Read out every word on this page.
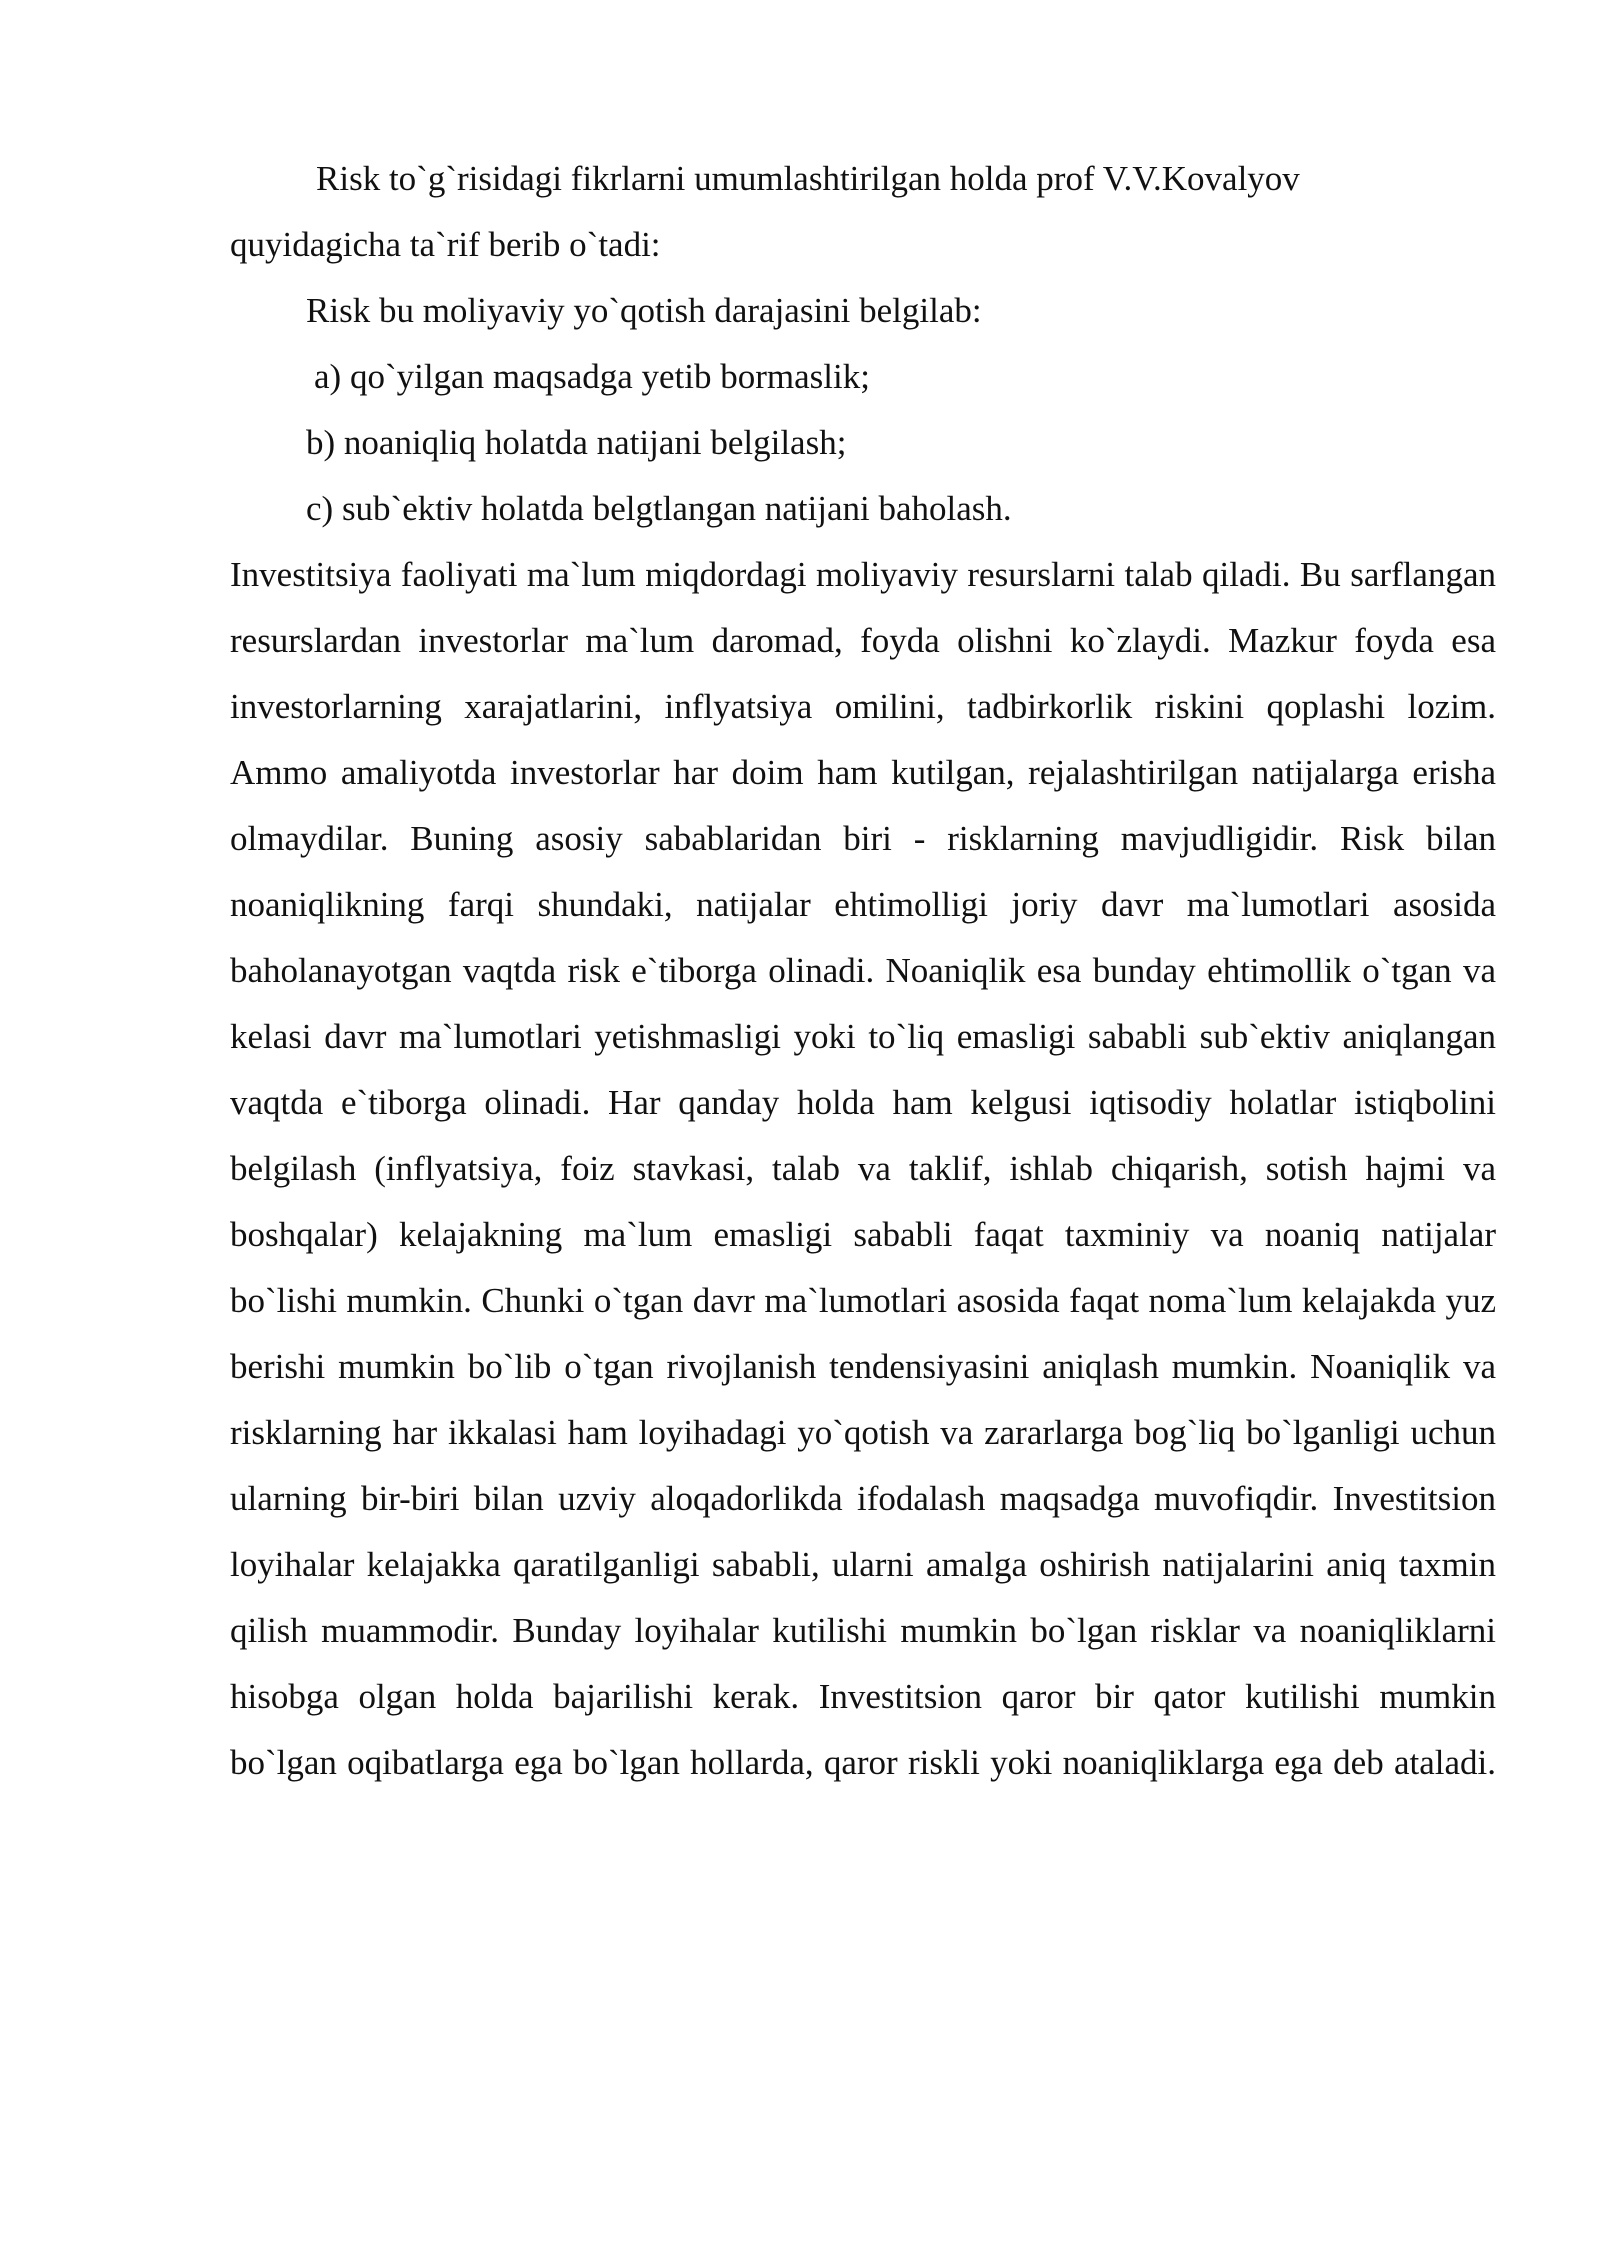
Risk to`g`risidagi fikrlarni umumlashtirilgan holda prof V.V.Kovalyov
quyidagicha ta`rif berib o`tadi:

Risk bu moliyaviy yo`qotish darajasini belgilab:

a) qo`yilgan maqsadga yetib bormaslik;

b) noaniqliq holatda natijani belgilash;

c) sub`ektiv holatda belgtlangan natijani baholash.

Investitsiya faoliyati ma`lum miqdordagi moliyaviy resurslarni talab qiladi. Bu sarflangan resurslardan investorlar ma`lum daromad, foyda olishni ko`zlaydi. Mazkur foyda esa investorlarning xarajatlarini, inflyatsiya omilini, tadbirkorlik riskini qoplashi lozim. Ammo amaliyotda investorlar har doim ham kutilgan, rejalashtirilgan natijalarga erisha olmaydilar. Buning asosiy sabablaridan biri - risklarning mavjudligidir. Risk bilan noaniqlikning farqi shundaki, natijalar ehtimolligi joriy davr ma`lumotlari asosida baholanayotgan vaqtda risk e`tiborga olinadi. Noaniqlik esa bunday ehtimollik o`tgan va kelasi davr ma`lumotlari yetishmasligi yoki to`liq emasligi sababli sub`ektiv aniqlangan vaqtda e`tiborga olinadi. Har qanday holda ham kelgusi iqtisodiy holatlar istiqbolini belgilash (inflyatsiya, foiz stavkasi, talab va taklif, ishlab chiqarish, sotish hajmi va boshqalar) kelajakning ma`lum emasligi sababli faqat taxminiy va noaniq natijalar bo`lishi mumkin. Chunki o`tgan davr ma`lumotlari asosida faqat noma`lum kelajakda yuz berishi mumkin bo`lib o`tgan rivojlanish tendensiyasini aniqlash mumkin. Noaniqlik va risklarning har ikkalasi ham loyihadagi yo`qotish va zararlarga bog`liq bo`lganligi uchun ularning bir-biri bilan uzviy aloqadorlikda ifodalash maqsadga muvofiqdir. Investitsion loyihalar kelajakka qaratilganligi sababli, ularni amalga oshirish natijalarini aniq taxmin qilish muammodir. Bunday loyihalar kutilishi mumkin bo`lgan risklar va noaniqliklarni hisobga olgan holda bajarilishi kerak. Investitsion qaror bir qator kutilishi mumkin bo`lgan oqibatlarga ega bo`lgan hollarda, qaror riskli yoki noaniqliklarga ega deb ataladi.
